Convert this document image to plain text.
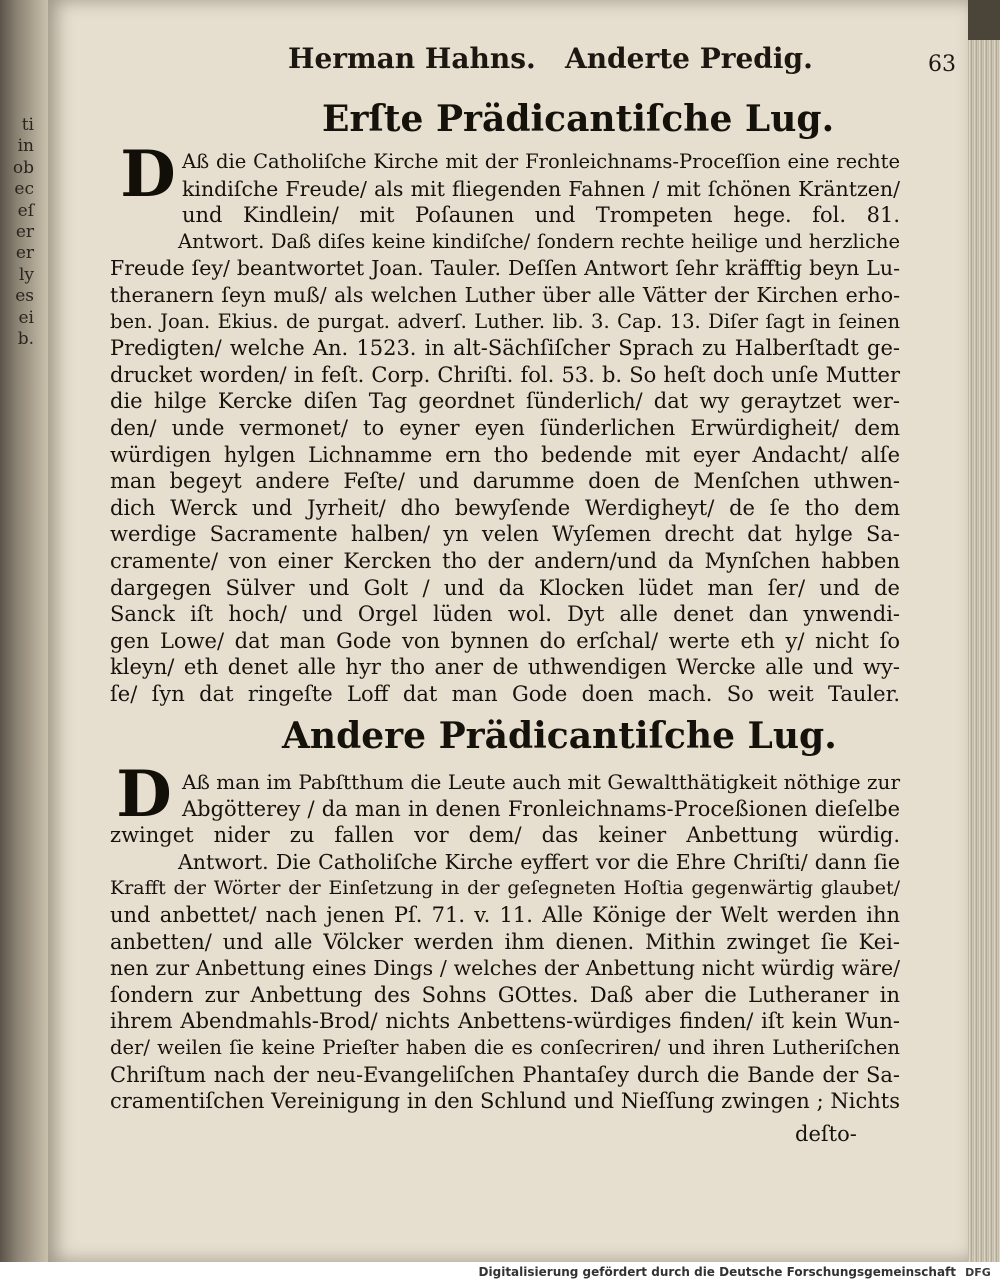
ti
in
ob
ec
eſ
er
er
ly
es
ei
b.
Herman Hahns.   Anderte Predig.	63
Erſte Prädicantiſche Lug.
D Aß die Catholiſche Kirche mit der Fronleichnams-Proceſſion eine rechte
kindiſche Freude/ als mit fliegenden Fahnen / mit ſchönen Kräntzen/
und Kindlein/ mit Poſaunen und Trompeten hege. fol. 81.
Antwort. Daß diſes keine kindiſche/ ſondern rechte heilige und herzliche
Freude ſey/ beantwortet Joan. Tauler. Deſſen Antwort ſehr kräfftig beyn Lu-
theranern ſeyn muß/ als welchen Luther über alle Vätter der Kirchen erho-
ben. Joan. Ekius. de purgat. adverſ. Luther. lib. 3. Cap. 13. Diſer ſagt in ſeinen
Predigten/ welche An. 1523. in alt-Sächſiſcher Sprach zu Halberſtadt ge-
drucket worden/ in feſt. Corp. Chriſti. fol. 53. b. So heſt doch unſe Mutter
die hilge Kercke diſen Tag geordnet ſünderlich/ dat wy geraytzet wer-
den/ unde vermonet/ to eyner eyen ſünderlichen Erwürdigheit/ dem
würdigen hylgen Lichnamme ern tho bedende mit eyer Andacht/ alſe
man begeyt andere Feſte/ und darumme doen de Menſchen uthwen-
dich Werck und Jyrheit/ dho bewyſende Werdigheyt/ de ſe tho dem
werdige Sacramente halben/ yn velen Wyſemen drecht dat hylge Sa-
cramente/ von einer Kercken tho der andern/und da Mynſchen habben
dargegen Sülver und Golt / und da Klocken lüdet man ſer/ und de
Sanck iſt hoch/ und Orgel lüden wol. Dyt alle denet dan ynwendi-
gen Lowe/ dat man Gode von bynnen do erſchal/ werte eth y/ nicht ſo
kleyn/ eth denet alle hyr tho aner de uthwendigen Wercke alle und wy-
ſe/ ſyn dat ringeſte Loff dat man Gode doen mach. So weit Tauler.
Andere Prädicantiſche Lug.
D Aß man im Pabſtthum die Leute auch mit Gewaltthätigkeit nöthige zur
Abgötterey / da man in denen Fronleichnams-Proceßionen dieſelbe
zwinget nider zu fallen vor dem/ das keiner Anbettung würdig.
Antwort. Die Catholiſche Kirche eyffert vor die Ehre Chriſti/ dann ſie
Krafft der Wörter der Einſetzung in der geſegneten Hoſtia gegenwärtig glaubet/
und anbettet/ nach jenen Pſ. 71. v. 11. Alle Könige der Welt werden ihn
anbetten/ und alle Völcker werden ihm dienen. Mithin zwinget ſie Kei-
nen zur Anbettung eines Dings / welches der Anbettung nicht würdig wäre/
ſondern zur Anbettung des Sohns GOttes. Daß aber die Lutheraner in
ihrem Abendmahls-Brod/ nichts Anbettens-würdiges finden/ iſt kein Wun-
der/ weilen ſie keine Prieſter haben die es conſecriren/ und ihren Lutheriſchen
Chriſtum nach der neu-Evangeliſchen Phantaſey durch die Bande der Sa-
cramentiſchen Vereinigung in den Schlund und Nieſſung zwingen ; Nichts
deſto-
Digitalisierung gefördert durch die Deutsche Forschungsgemeinschaft DFG
